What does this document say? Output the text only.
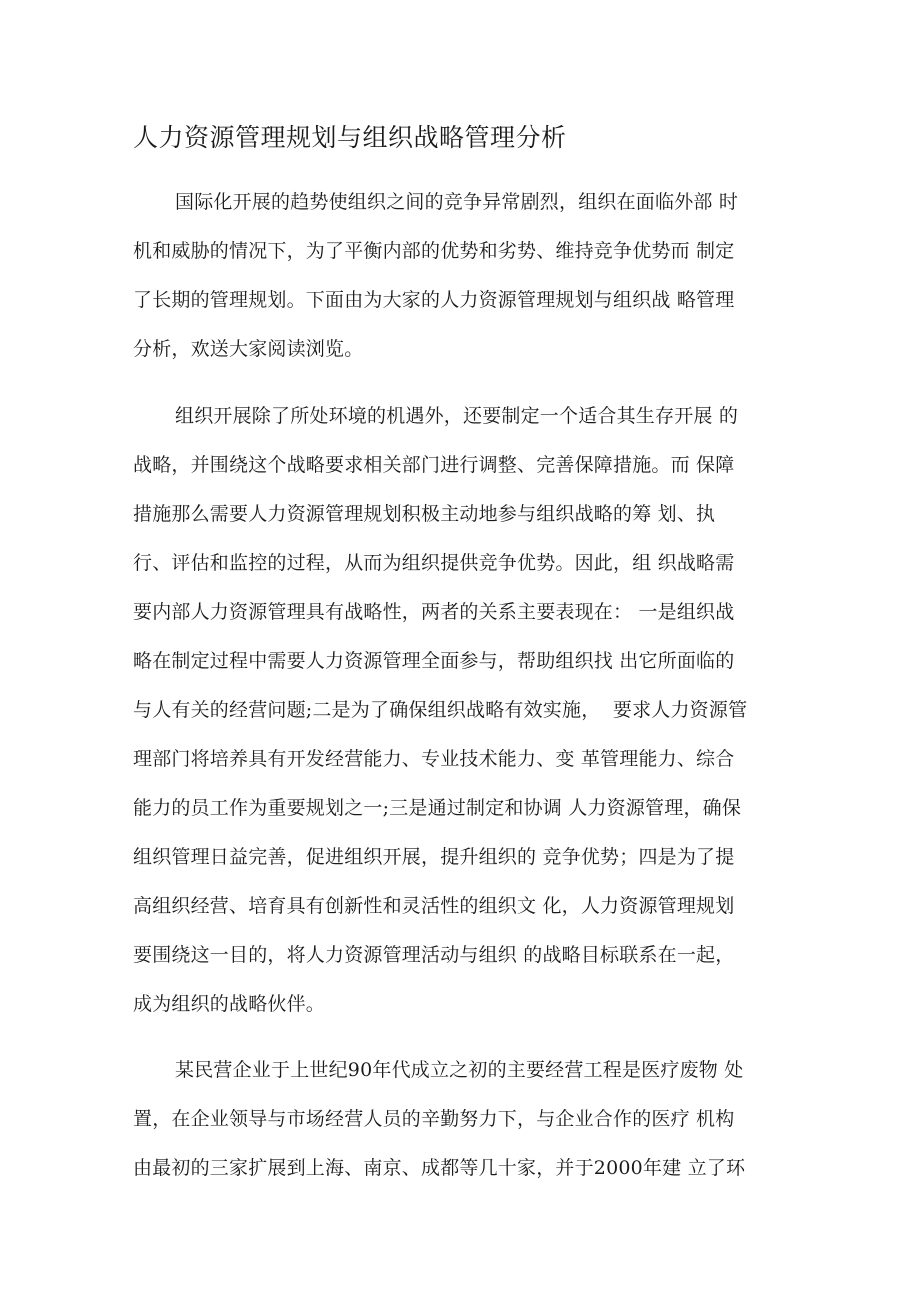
人力资源管理规划与组织战略管理分析
国际化开展的趋势使组织之间的竞争异常剧烈，组织在面临外部 时
机和威胁的情况下，为了平衡内部的优势和劣势、维持竞争优势而 制定
了长期的管理规划。下面由为大家的人力资源管理规划与组织战 略管理
分析，欢送大家阅读浏览。
组织开展除了所处环境的机遇外，还要制定一个适合其生存开展 的
战略，并围绕这个战略要求相关部门进行调整、完善保障措施。而 保障
措施那么需要人力资源管理规划积极主动地参与组织战略的筹 划、执
行、评估和监控的过程，从而为组织提供竞争优势。因此，组 织战略需
要内部人力资源管理具有战略性，两者的关系主要表现在： 一是组织战
略在制定过程中需要人力资源管理全面参与，帮助组织找 出它所面临的
与人有关的经营问题;二是为了确保组织战略有效实施，  要求人力资源管
理部门将培养具有开发经营能力、专业技术能力、变 革管理能力、综合
能力的员工作为重要规划之一;三是通过制定和协调 人力资源管理，确保
组织管理日益完善，促进组织开展，提升组织的 竞争优势；四是为了提
高组织经营、培育具有创新性和灵活性的组织文 化，人力资源管理规划
要围绕这一目的，将人力资源管理活动与组织 的战略目标联系在一起，
成为组织的战略伙伴。
某民营企业于上世纪90年代成立之初的主要经营工程是医疗废物 处
置，在企业领导与市场经营人员的辛勤努力下，与企业合作的医疗 机构
由最初的三家扩展到上海、南京、成都等几十家，并于2000年建 立了环
